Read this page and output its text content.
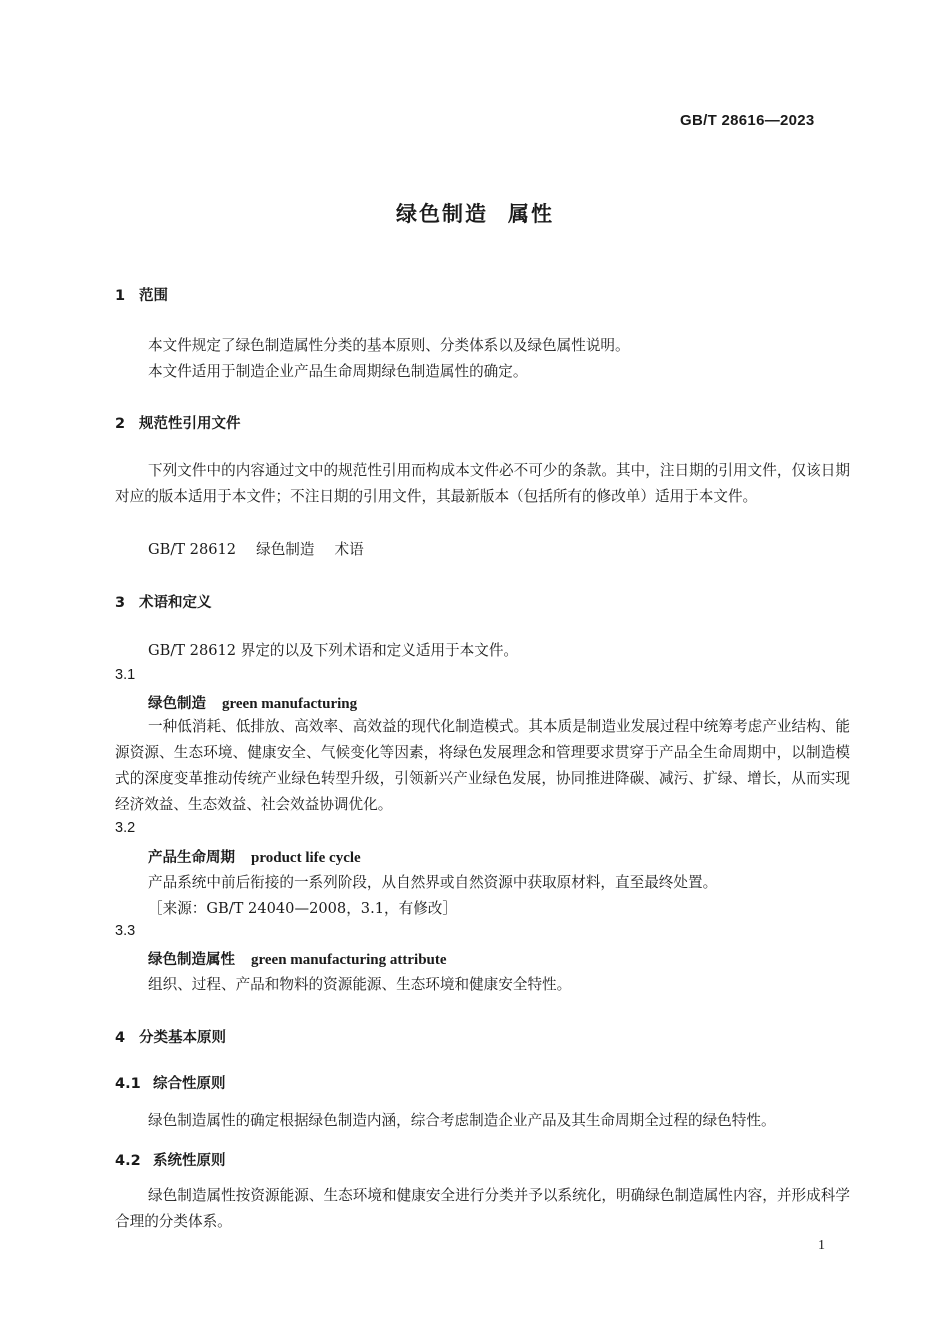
GB/T 28616—2023
绿色制造 属性
1 范围
本文件规定了绿色制造属性分类的基本原则、分类体系以及绿色属性说明。
本文件适用于制造企业产品生命周期绿色制造属性的确定。
2 规范性引用文件
下列文件中的内容通过文中的规范性引用而构成本文件必不可少的条款。其中，注日期的引用文件，仅该日期对应的版本适用于本文件；不注日期的引用文件，其最新版本（包括所有的修改单）适用于本文件。
GB/T 28612 绿色制造 术语
3 术语和定义
GB/T 28612 界定的以及下列术语和定义适用于本文件。
3.1
绿色制造 green manufacturing
一种低消耗、低排放、高效率、高效益的现代化制造模式。其本质是制造业发展过程中统筹考虑产业结构、能源资源、生态环境、健康安全、气候变化等因素，将绿色发展理念和管理要求贯穿于产品全生命周期中，以制造模式的深度变革推动传统产业绿色转型升级，引领新兴产业绿色发展，协同推进降碳、减污、扩绿、增长，从而实现经济效益、生态效益、社会效益协调优化。
3.2
产品生命周期 product life cycle
产品系统中前后衔接的一系列阶段，从自然界或自然资源中获取原材料，直至最终处置。
［来源：GB/T 24040—2008，3.1，有修改］
3.3
绿色制造属性 green manufacturing attribute
组织、过程、产品和物料的资源能源、生态环境和健康安全特性。
4 分类基本原则
4.1 综合性原则
绿色制造属性的确定根据绿色制造内涵，综合考虑制造企业产品及其生命周期全过程的绿色特性。
4.2 系统性原则
绿色制造属性按资源能源、生态环境和健康安全进行分类并予以系统化，明确绿色制造属性内容，并形成科学合理的分类体系。
1
